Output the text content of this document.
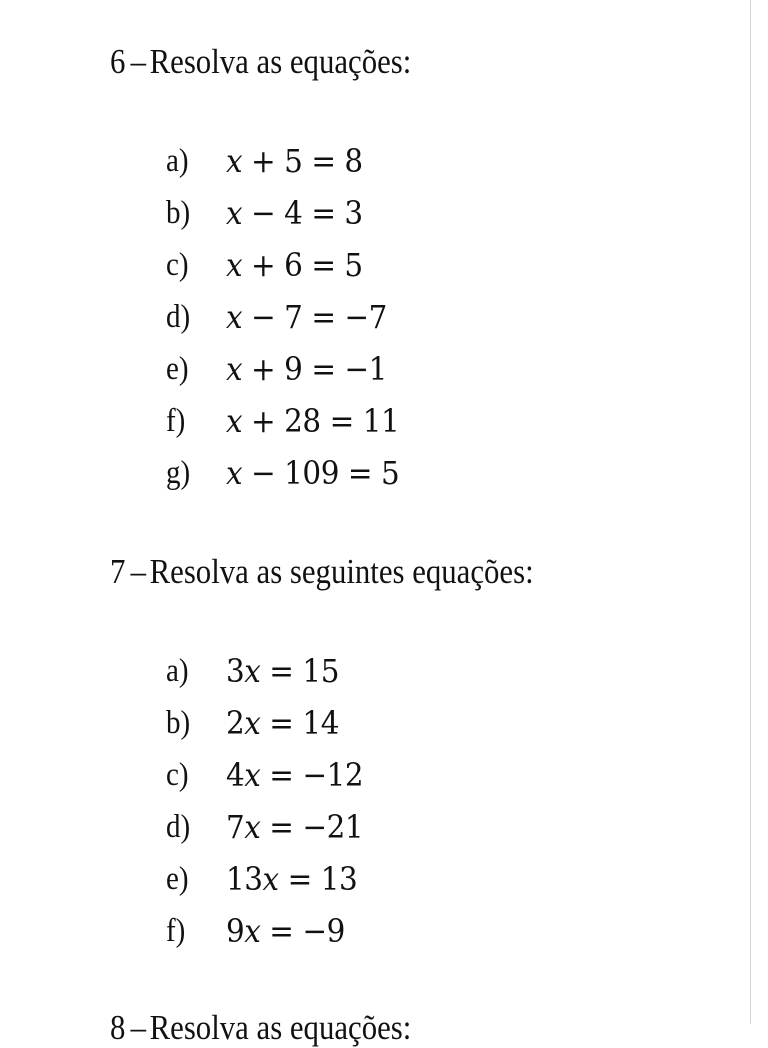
6 – Resolva as equações:
a) x + 5 = 8
b) x − 4 = 3
c) x + 6 = 5
d) x − 7 = −7
e) x + 9 = −1
f) x + 28 = 11
g) x − 109 = 5
7 – Resolva as seguintes equações:
a) 3x = 15
b) 2x = 14
c) 4x = −12
d) 7x = −21
e) 13x = 13
f) 9x = −9
8 – Resolva as equações:
